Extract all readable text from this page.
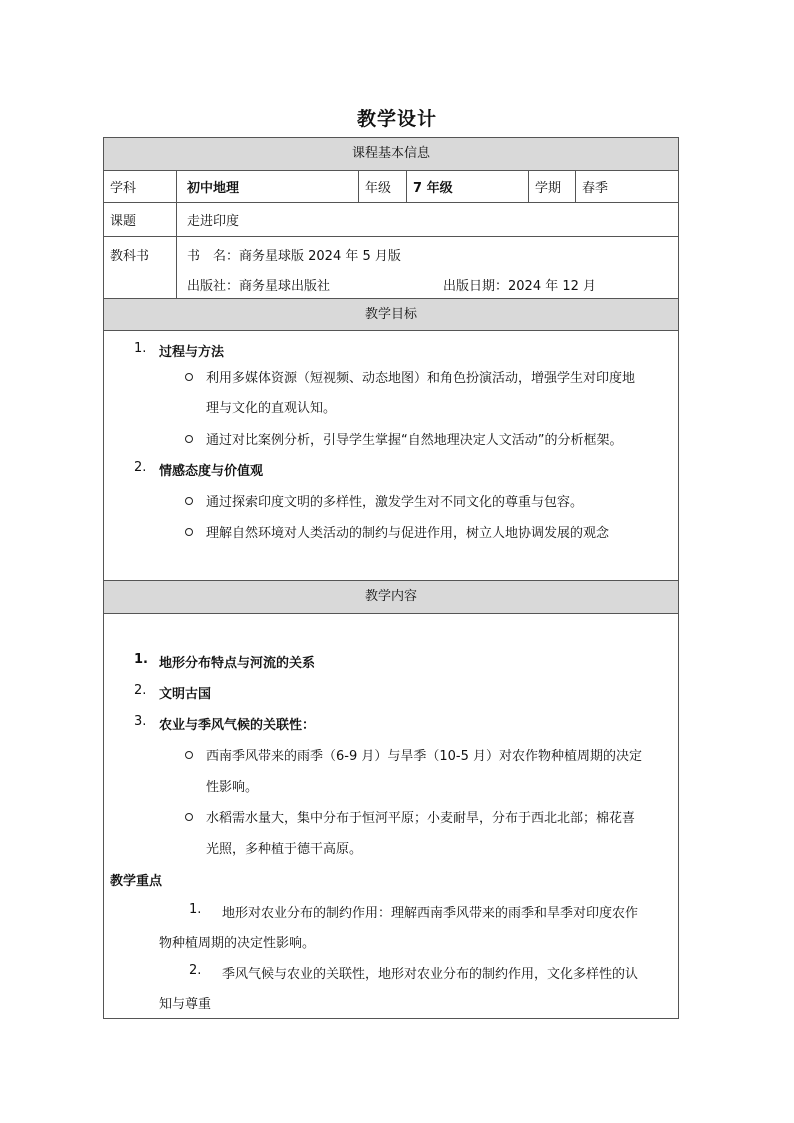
教学设计
课程基本信息
学科	初中地理	年级	7 年级	学期	春季
课题	走进印度
教科书	书　名：商务星球版 2024 年 5 月版
出版社：商务星球出版社	出版日期：2024 年 12 月
教学目标
1. 过程与方法
利用多媒体资源（短视频、动态地图）和角色扮演活动，增强学生对印度地
理与文化的直观认知。
通过对比案例分析，引导学生掌握“自然地理决定人文活动”的分析框架。
2. 情感态度与价值观
通过探索印度文明的多样性，激发学生对不同文化的尊重与包容。
理解自然环境对人类活动的制约与促进作用，树立人地协调发展的观念
教学内容
1. 地形分布特点与河流的关系
2. 文明古国
3. 农业与季风气候的关联性：
西南季风带来的雨季（6-9 月）与旱季（10-5 月）对农作物种植周期的决定
性影响。
水稻需水量大，集中分布于恒河平原；小麦耐旱，分布于西北北部；棉花喜
光照，多种植于德干高原。
教学重点
1. 地形对农业分布的制约作用：理解西南季风带来的雨季和旱季对印度农作
物种植周期的决定性影响。
2. 季风气候与农业的关联性，地形对农业分布的制约作用，文化多样性的认
知与尊重
